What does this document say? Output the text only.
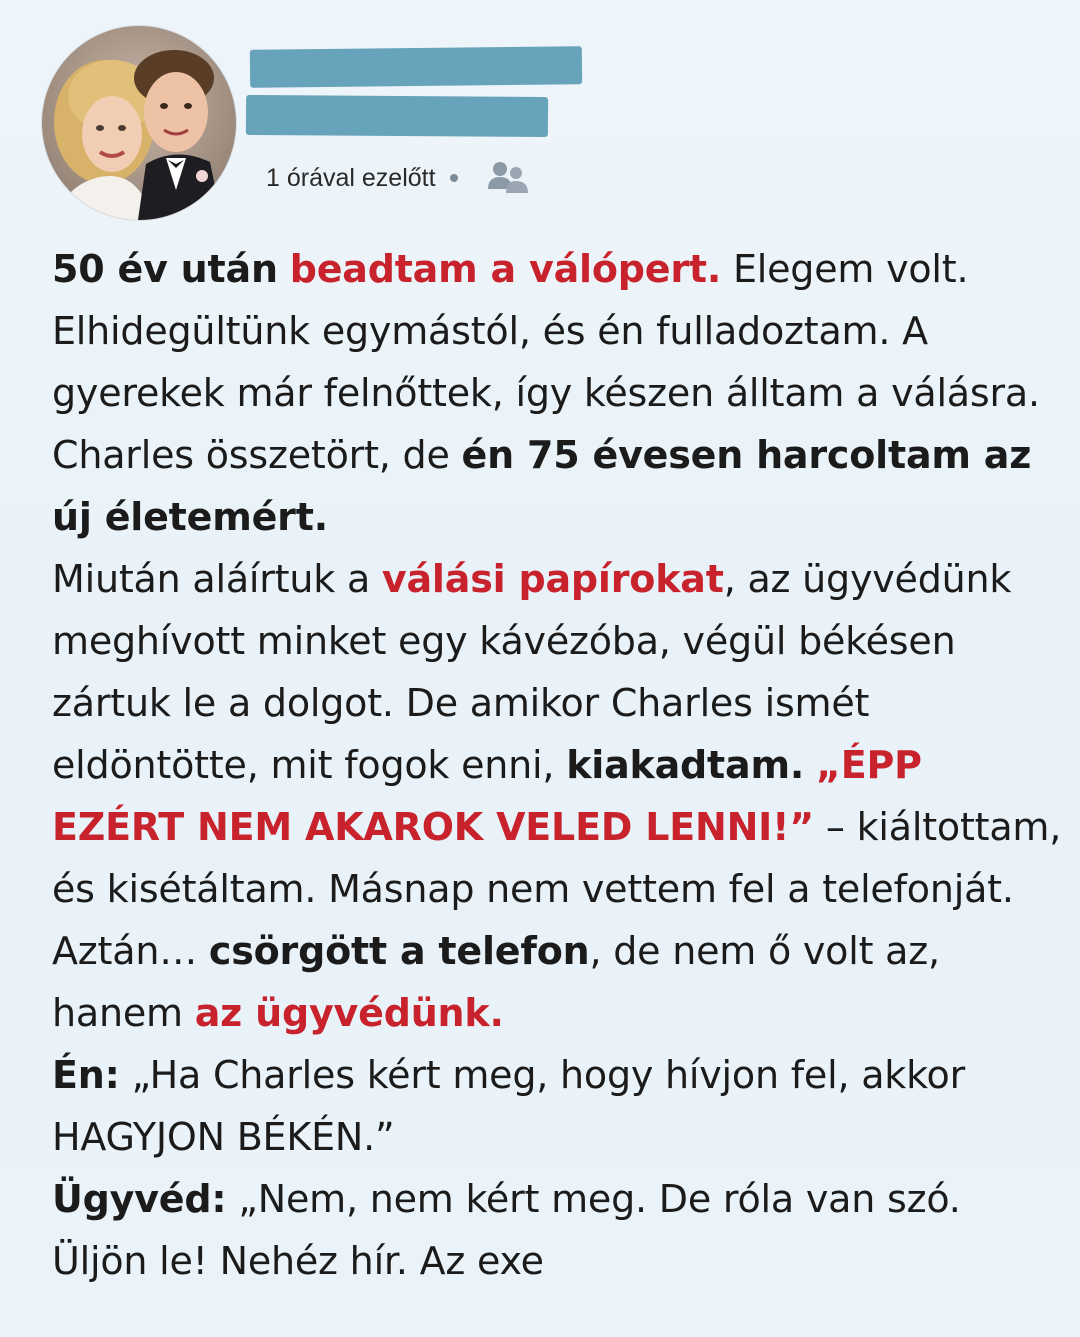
1 órával ezelőtt

50 év után beadtam a válópert. Elegem volt. Elhidegültünk egymástól, és én fulladoztam. A gyerekek már felnőttek, így készen álltam a válásra. Charles összetört, de én 75 évesen harcoltam az új életemért.

Miután aláírtuk a válási papírokat, az ügyvédünk meghívott minket egy kávézóba, végül békésen zártuk le a dolgot. De amikor Charles ismét eldöntötte, mit fogok enni, kiakadtam. „ÉPP EZÉRT NEM AKAROK VELED LENNI!” – kiáltottam, és kisétáltam. Másnap nem vettem fel a telefonját. Aztán… csörgött a telefon, de nem ő volt az, hanem az ügyvédünk.

Én: „Ha Charles kért meg, hogy hívjon fel, akkor HAGYJON BÉKÉN.”

Ügyvéd: „Nem, nem kért meg. De róla van szó. Üljön le! Nehéz hír. Az exe
